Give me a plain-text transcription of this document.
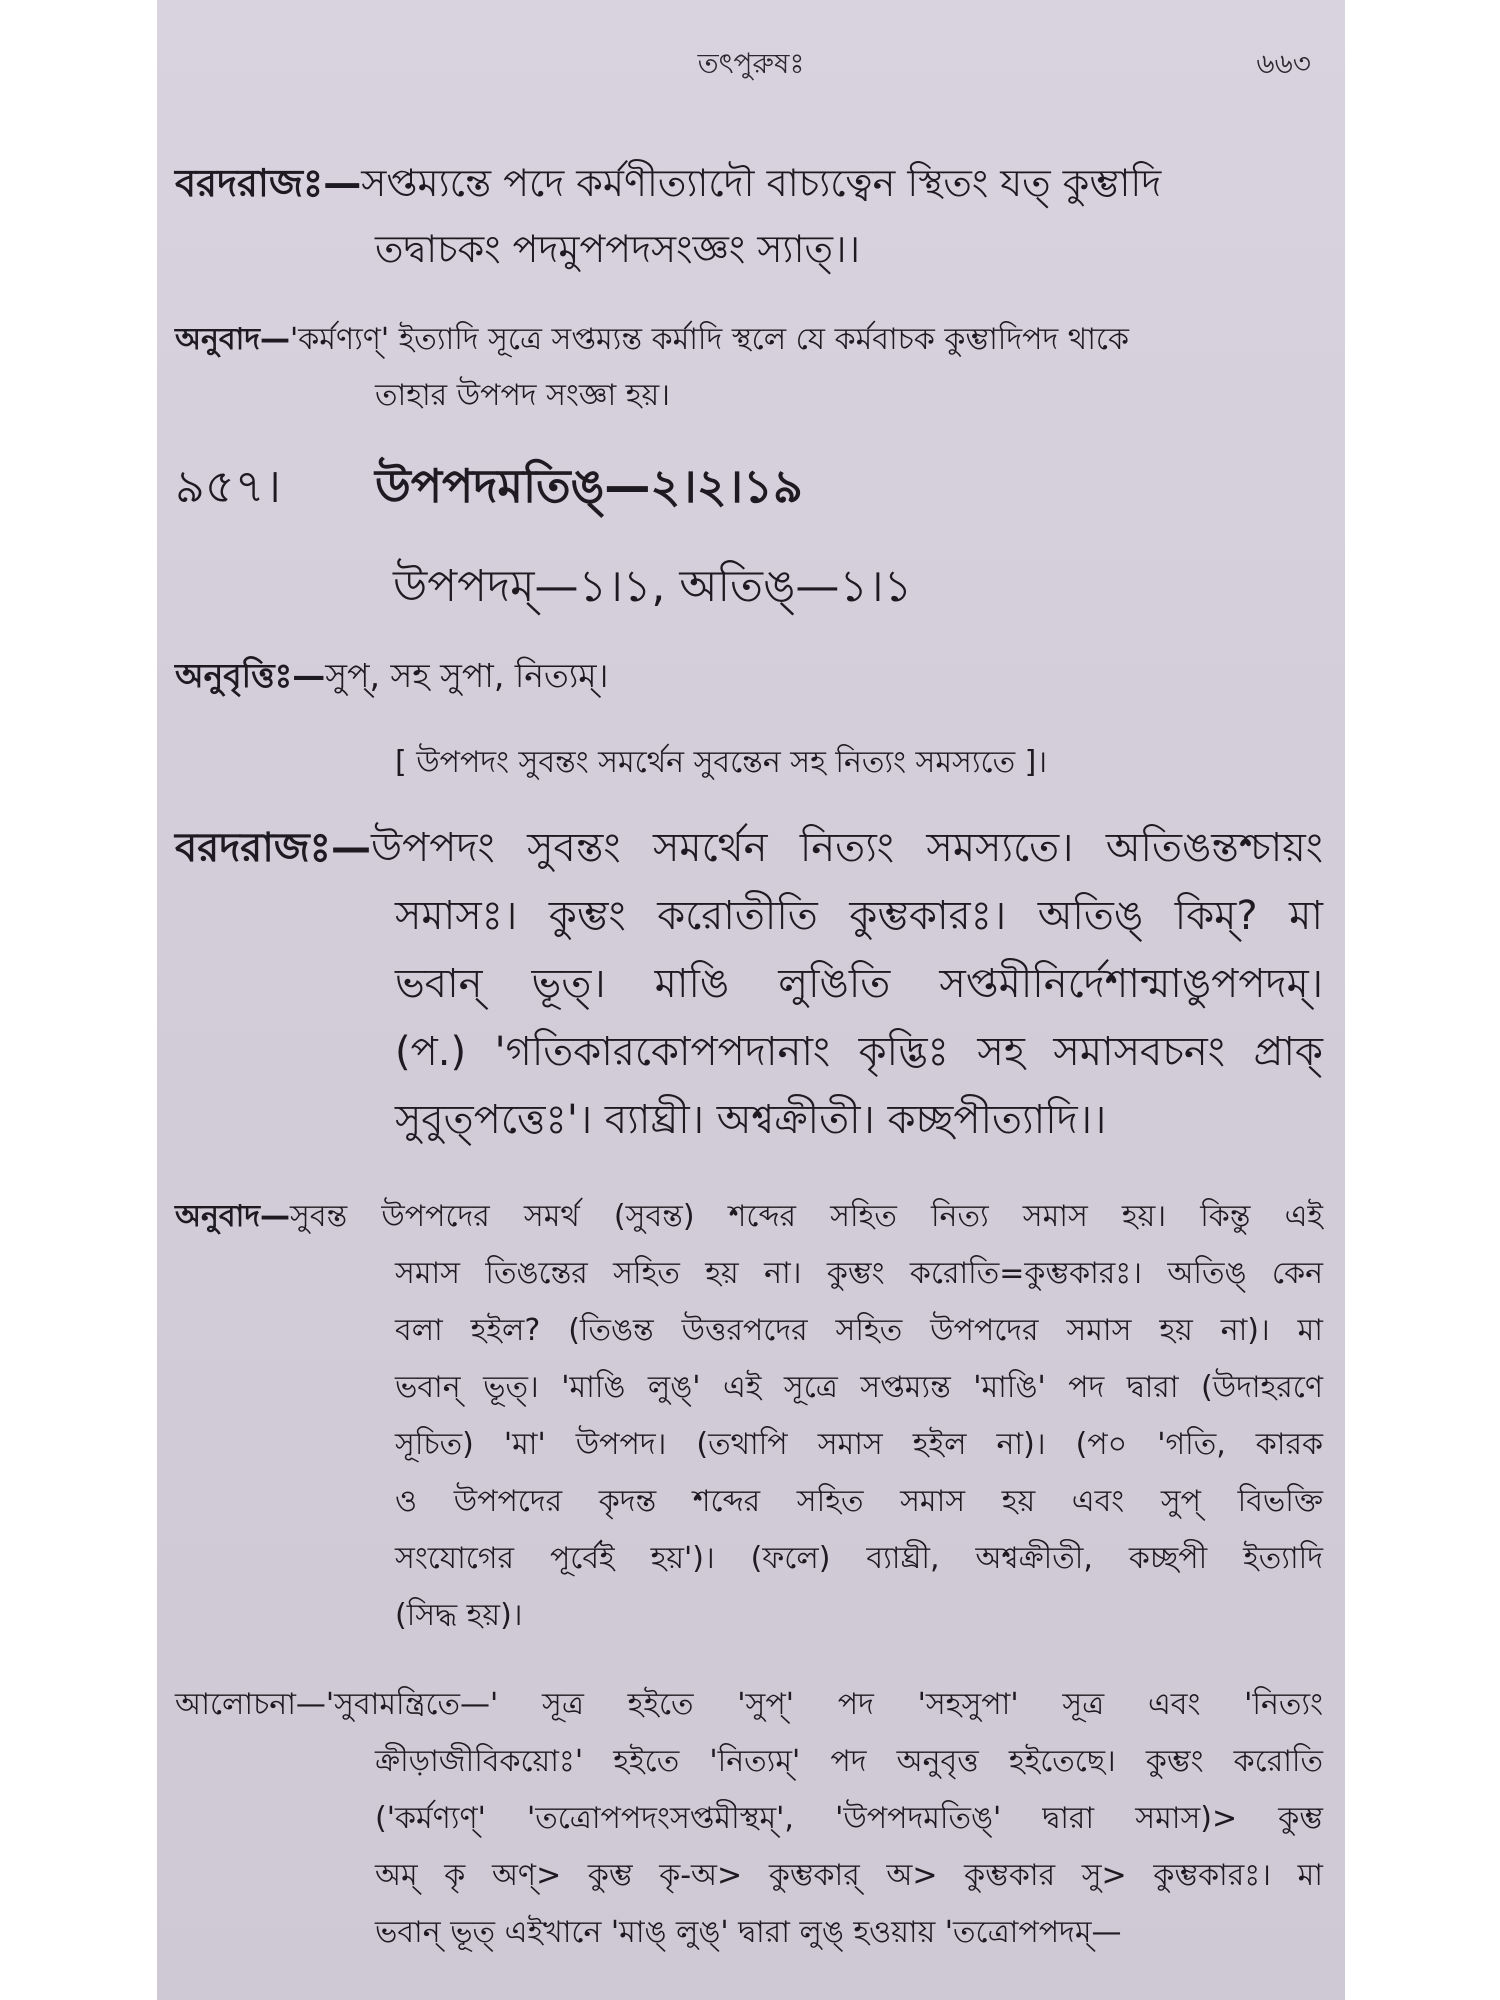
তৎপুরুষঃ	৬৬৩
বরদরাজঃ— সপ্তম্যন্তে পদে কর্মণীত্যাদৌ বাচ্যত্বেন স্থিতং যত্ কুম্ভাদি
তদ্বাচকং পদমুপপদসংজ্ঞং স্যাত্।।
অনুবাদ— 'কর্মণ্যণ্' ইত্যাদি সূত্রে সপ্তম্যন্ত কর্মাদি স্থলে যে কর্মবাচক কুম্ভাদিপদ থাকে
তাহার উপপদ সংজ্ঞা হয়।
৯৫৭। উপপদমতিঙ্—২।২।১৯
উপপদম্—১।১, অতিঙ্—১।১
অনুবৃত্তিঃ—সুপ্, সহ সুপা, নিত্যম্।
[ উপপদং সুবন্তং সমর্থেন সুবন্তেন সহ নিত্যং সমস্যতে ]।
বরদরাজঃ— উপপদং সুবন্তং সমর্থেন নিত্যং সমস্যতে। অতিঙন্তশ্চায়ং
সমাসঃ। কুম্ভং করোতীতি কুম্ভকারঃ। অতিঙ্ কিম্? মা
ভবান্ ভূত্। মাঙি লুঙিতি সপ্তমীনির্দেশান্মাঙুপপদম্।
(প.) 'গতিকারকোপপদানাং কৃদ্ভিঃ সহ সমাসবচনং প্রাক্
সুবুত্পত্তেঃ'। ব্যাঘ্রী। অশ্বক্রীতী। কচ্ছপীত্যাদি।।
অনুবাদ— সুবন্ত উপপদের সমর্থ (সুবন্ত) শব্দের সহিত নিত্য সমাস হয়। কিন্তু এই
সমাস তিঙন্তের সহিত হয় না। কুম্ভং করোতি=কুম্ভকারঃ। অতিঙ্ কেন
বলা হইল? (তিঙন্ত উত্তরপদের সহিত উপপদের সমাস হয় না)। মা
ভবান্ ভূত্। 'মাঙি লুঙ্' এই সূত্রে সপ্তম্যন্ত 'মাঙি' পদ দ্বারা (উদাহরণে
সূচিত) 'মা' উপপদ। (তথাপি সমাস হইল না)। (প০ 'গতি, কারক
ও উপপদের কৃদন্ত শব্দের সহিত সমাস হয় এবং সুপ্ বিভক্তি
সংযোগের পূর্বেই হয়')। (ফলে) ব্যাঘ্রী, অশ্বক্রীতী, কচ্ছপী ইত্যাদি
(সিদ্ধ হয়)।
আলোচনা— 'সুবামন্ত্রিতে—' সূত্র হইতে 'সুপ্' পদ 'সহসুপা' সূত্র এবং 'নিত্যং
ক্রীড়াজীবিকয়োঃ' হইতে 'নিত্যম্' পদ অনুবৃত্ত হইতেছে। কুম্ভং করোতি
('কর্মণ্যণ্' 'তত্রোপপদংসপ্তমীস্থম্', 'উপপদমতিঙ্' দ্বারা সমাস)> কুম্ভ
অম্ কৃ অণ্> কুম্ভ কৃ-অ> কুম্ভকার্ অ> কুম্ভকার সু> কুম্ভকারঃ। মা
ভবান্ ভূত্ এইখানে 'মাঙ্ লুঙ্' দ্বারা লুঙ্ হওয়ায় 'তত্রোপপদম্—
